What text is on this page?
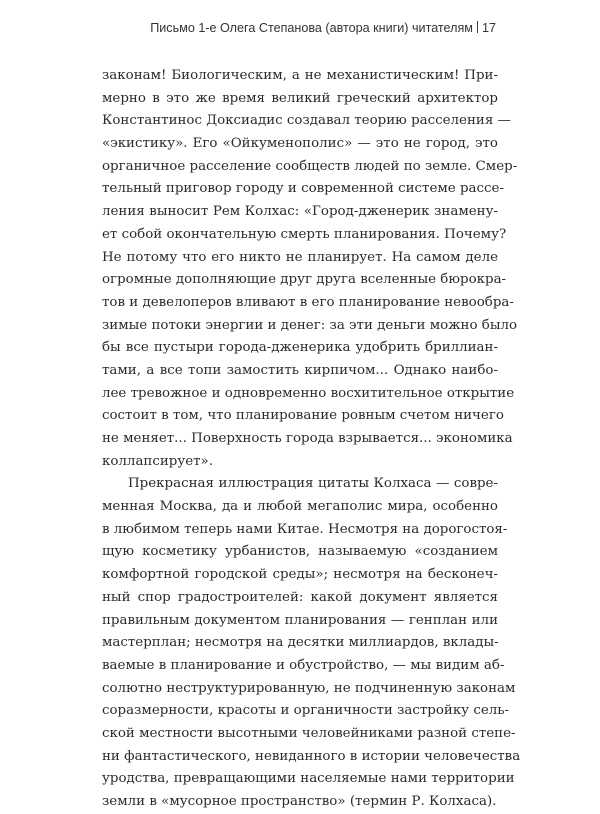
Письмо 1-е Олега Степанова (автора книги) читателям 17
законам! Биологическим, а не механистическим! При-
мерно в это же время великий греческий архитектор
Константинос Доксиадис создавал теорию расселения —
«экистику». Его «Ойкуменополис» — это не город, это
органичное расселение сообществ людей по земле. Смер-
тельный приговор городу и современной системе рассе-
ления выносит Рем Колхас: «Город-дженерик знамену-
ет собой окончательную смерть планирования. Почему?
Не потому что его никто не планирует. На самом деле
огромные дополняющие друг друга вселенные бюрокра-
тов и девелоперов вливают в его планирование невообра-
зимые потоки энергии и денег: за эти деньги можно было
бы все пустыри города-дженерика удобрить бриллиан-
тами, а все топи замостить кирпичом... Однако наибо-
лее тревожное и одновременно восхитительное открытие
состоит в том, что планирование ровным счетом ничего
не меняет... Поверхность города взрывается... экономика
коллапсирует».
Прекрасная иллюстрация цитаты Колхаса — совре-
менная Москва, да и любой мегаполис мира, особенно
в любимом теперь нами Китае. Несмотря на дорогостоя-
щую косметику урбанистов, называемую «созданием
комфортной городской среды»; несмотря на бесконеч-
ный спор градостроителей: какой документ является
правильным документом планирования — генплан или
мастерплан; несмотря на десятки миллиардов, вклады-
ваемые в планирование и обустройство, — мы видим аб-
солютно неструктурированную, не подчиненную законам
соразмерности, красоты и органичности застройку сель-
ской местности высотными человейниками разной степе-
ни фантастического, невиданного в истории человечества
уродства, превращающими населяемые нами территории
земли в «мусорное пространство» (термин Р. Колхаса).
